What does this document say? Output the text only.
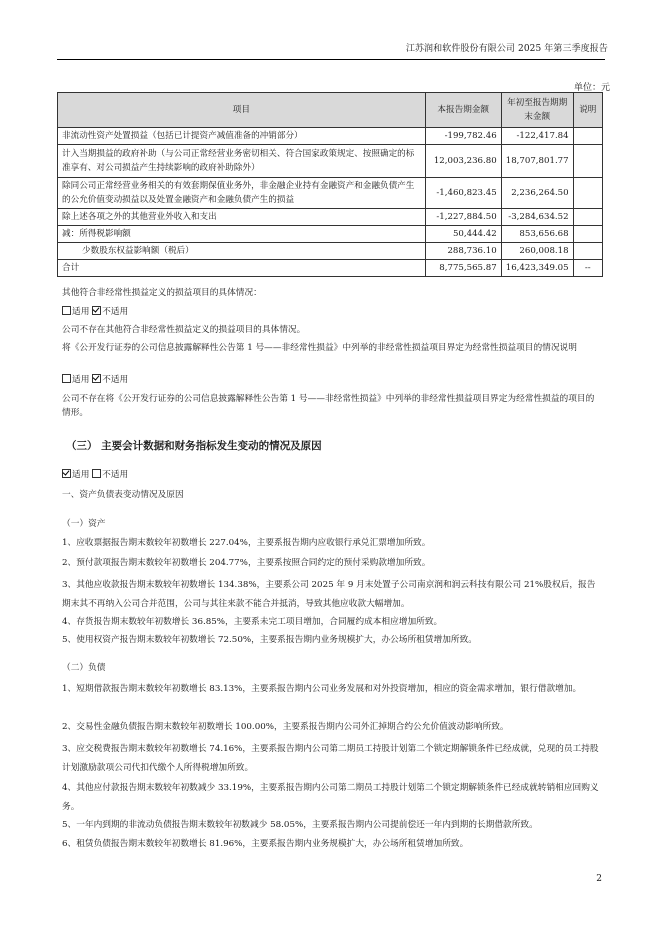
江苏润和软件股份有限公司 2025 年第三季度报告
单位：元
项目	本报告期金额	年初至报告期期末金额	说明
非流动性资产处置损益（包括已计提资产减值准备的冲销部分）	-199,782.46	-122,417.84	
计入当期损益的政府补助（与公司正常经营业务密切相关、符合国家政策规定、按照确定的标准享有、对公司损益产生持续影响的政府补助除外）	12,003,236.80	18,707,801.77	
除同公司正常经营业务相关的有效套期保值业务外，非金融企业持有金融资产和金融负债产生的公允价值变动损益以及处置金融资产和金融负债产生的损益	-1,460,823.45	2,236,264.50	
除上述各项之外的其他营业外收入和支出	-1,227,884.50	-3,284,634.52	
减：所得税影响额	50,444.42	853,656.68	
少数股东权益影响额（税后）	288,736.10	260,008.18	
合计	8,775,565.87	16,423,349.05	--
其他符合非经常性损益定义的损益项目的具体情况：
适用 不适用
公司不存在其他符合非经常性损益定义的损益项目的具体情况。
将《公开发行证券的公司信息披露解释性公告第 1 号——非经常性损益》中列举的非经常性损益项目界定为经常性损益项目的情况说明
适用 不适用
公司不存在将《公开发行证券的公司信息披露解释性公告第 1 号——非经常性损益》中列举的非经常性损益项目界定为经常性损益的项目的情形。
（三） 主要会计数据和财务指标发生变动的情况及原因
适用 不适用
一、资产负债表变动情况及原因
（一）资产
1、应收票据报告期末数较年初数增长 227.04%，主要系报告期内应收银行承兑汇票增加所致。
2、预付款项报告期末数较年初数增长 204.77%，主要系按照合同约定的预付采购款增加所致。
3、其他应收款报告期末数较年初数增长 134.38%，主要系公司 2025 年 9 月末处置子公司南京润和润云科技有限公司 21%股权后，报告期末其不再纳入公司合并范围，公司与其往来款不能合并抵消，导致其他应收款大幅增加。
4、存货报告期末数较年初数增长 36.85%，主要系未完工项目增加，合同履约成本相应增加所致。
5、使用权资产报告期末数较年初数增长 72.50%，主要系报告期内业务规模扩大，办公场所租赁增加所致。
（二）负债
1、短期借款报告期末数较年初数增长 83.13%，主要系报告期内公司业务发展和对外投资增加，相应的资金需求增加，银行借款增加。
2、交易性金融负债报告期末数较年初数增长 100.00%，主要系报告期内公司外汇掉期合约公允价值波动影响所致。
3、应交税费报告期末数较年初数增长 74.16%，主要系报告期内公司第二期员工持股计划第二个锁定期解锁条件已经成就，兑现的员工持股计划激励款项公司代扣代缴个人所得税增加所致。
4、其他应付款报告期末数较年初数减少 33.19%，主要系报告期内公司第二期员工持股计划第二个锁定期解锁条件已经成就转销相应回购义务。
5、一年内到期的非流动负债报告期末数较年初数减少 58.05%，主要系报告期内公司提前偿还一年内到期的长期借款所致。
6、租赁负债报告期末数较年初数增长 81.96%，主要系报告期内业务规模扩大，办公场所租赁增加所致。
2
